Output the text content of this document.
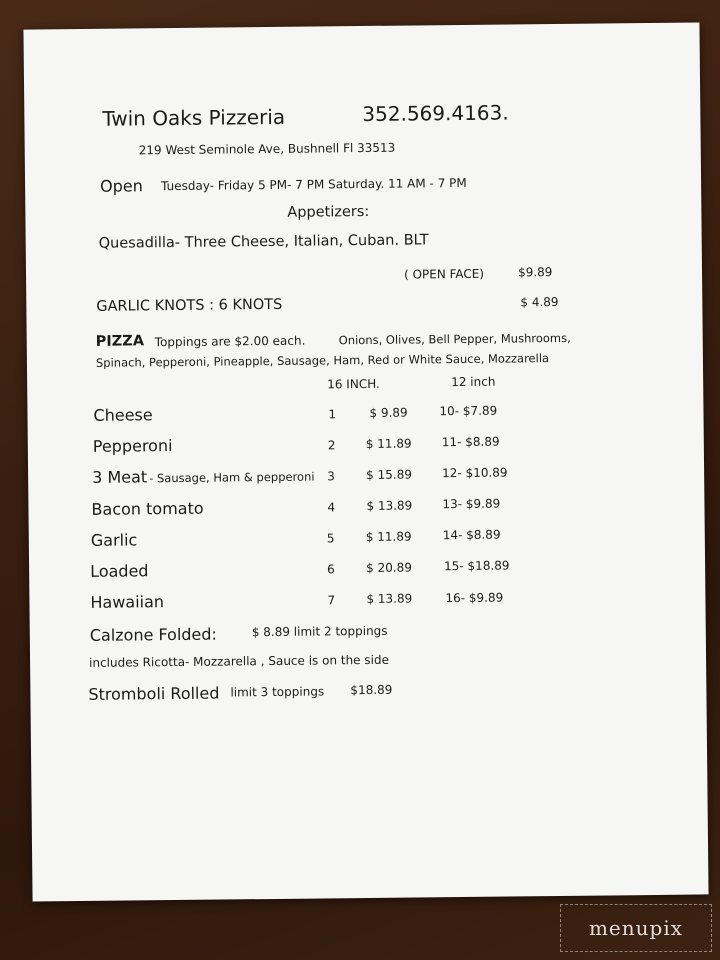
Twin Oaks Pizzeria	352.569.4163.
219 West Seminole Ave, Bushnell Fl 33513
Open Tuesday- Friday 5 PM- 7 PM Saturday. 11 AM - 7 PM
Appetizers:
Quesadilla- Three Cheese, Italian, Cuban. BLT
( OPEN FACE)	$9.89
GARLIC KNOTS : 6 KNOTS	$ 4.89
PIZZA Toppings are $2.00 each.	Onions, Olives, Bell Pepper, Mushrooms,
Spinach, Pepperoni, Pineapple, Sausage, Ham, Red or White Sauce, Mozzarella
16 INCH.	12 inch
Cheese	1	$ 9.89	10- $7.89
Pepperoni	2	$ 11.89	11- $8.89
3 Meat - Sausage, Ham & pepperoni 3	$ 15.89	12- $10.89
Bacon tomato	4	$ 13.89	13- $9.89
Garlic	5	$ 11.89	14- $8.89
Loaded	6	$ 20.89	15- $18.89
Hawaiian	7	$ 13.89	16- $9.89
Calzone Folded:	$ 8.89 limit 2 toppings
includes Ricotta- Mozzarella , Sauce is on the side
Stromboli Rolled limit 3 toppings $18.89
menupix
